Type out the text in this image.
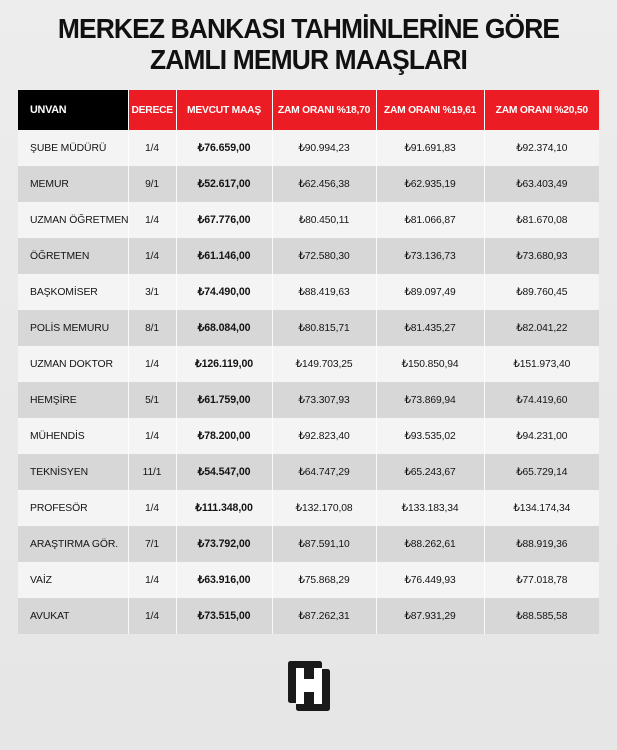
MERKEZ BANKASI TAHMİNLERİNE GÖRE
ZAMLI MEMUR MAAŞLARI
UNVAN	DERECE	MEVCUT MAAŞ	ZAM ORANI %18,70	ZAM ORANI %19,61	ZAM ORANI %20,50
ŞUBE MÜDÜRÜ	1/4	₺76.659,00	₺90.994,23	₺91.691,83	₺92.374,10
MEMUR	9/1	₺52.617,00	₺62.456,38	₺62.935,19	₺63.403,49
UZMAN ÖĞRETMEN	1/4	₺67.776,00	₺80.450,11	₺81.066,87	₺81.670,08
ÖĞRETMEN	1/4	₺61.146,00	₺72.580,30	₺73.136,73	₺73.680,93
BAŞKOMİSER	3/1	₺74.490,00	₺88.419,63	₺89.097,49	₺89.760,45
POLİS MEMURU	8/1	₺68.084,00	₺80.815,71	₺81.435,27	₺82.041,22
UZMAN DOKTOR	1/4	₺126.119,00	₺149.703,25	₺150.850,94	₺151.973,40
HEMŞİRE	5/1	₺61.759,00	₺73.307,93	₺73.869,94	₺74.419,60
MÜHENDİS	1/4	₺78.200,00	₺92.823,40	₺93.535,02	₺94.231,00
TEKNİSYEN	11/1	₺54.547,00	₺64.747,29	₺65.243,67	₺65.729,14
PROFESÖR	1/4	₺111.348,00	₺132.170,08	₺133.183,34	₺134.174,34
ARAŞTIRMA GÖR.	7/1	₺73.792,00	₺87.591,10	₺88.262,61	₺88.919,36
VAİZ	1/4	₺63.916,00	₺75.868,29	₺76.449,93	₺77.018,78
AVUKAT	1/4	₺73.515,00	₺87.262,31	₺87.931,29	₺88.585,58
